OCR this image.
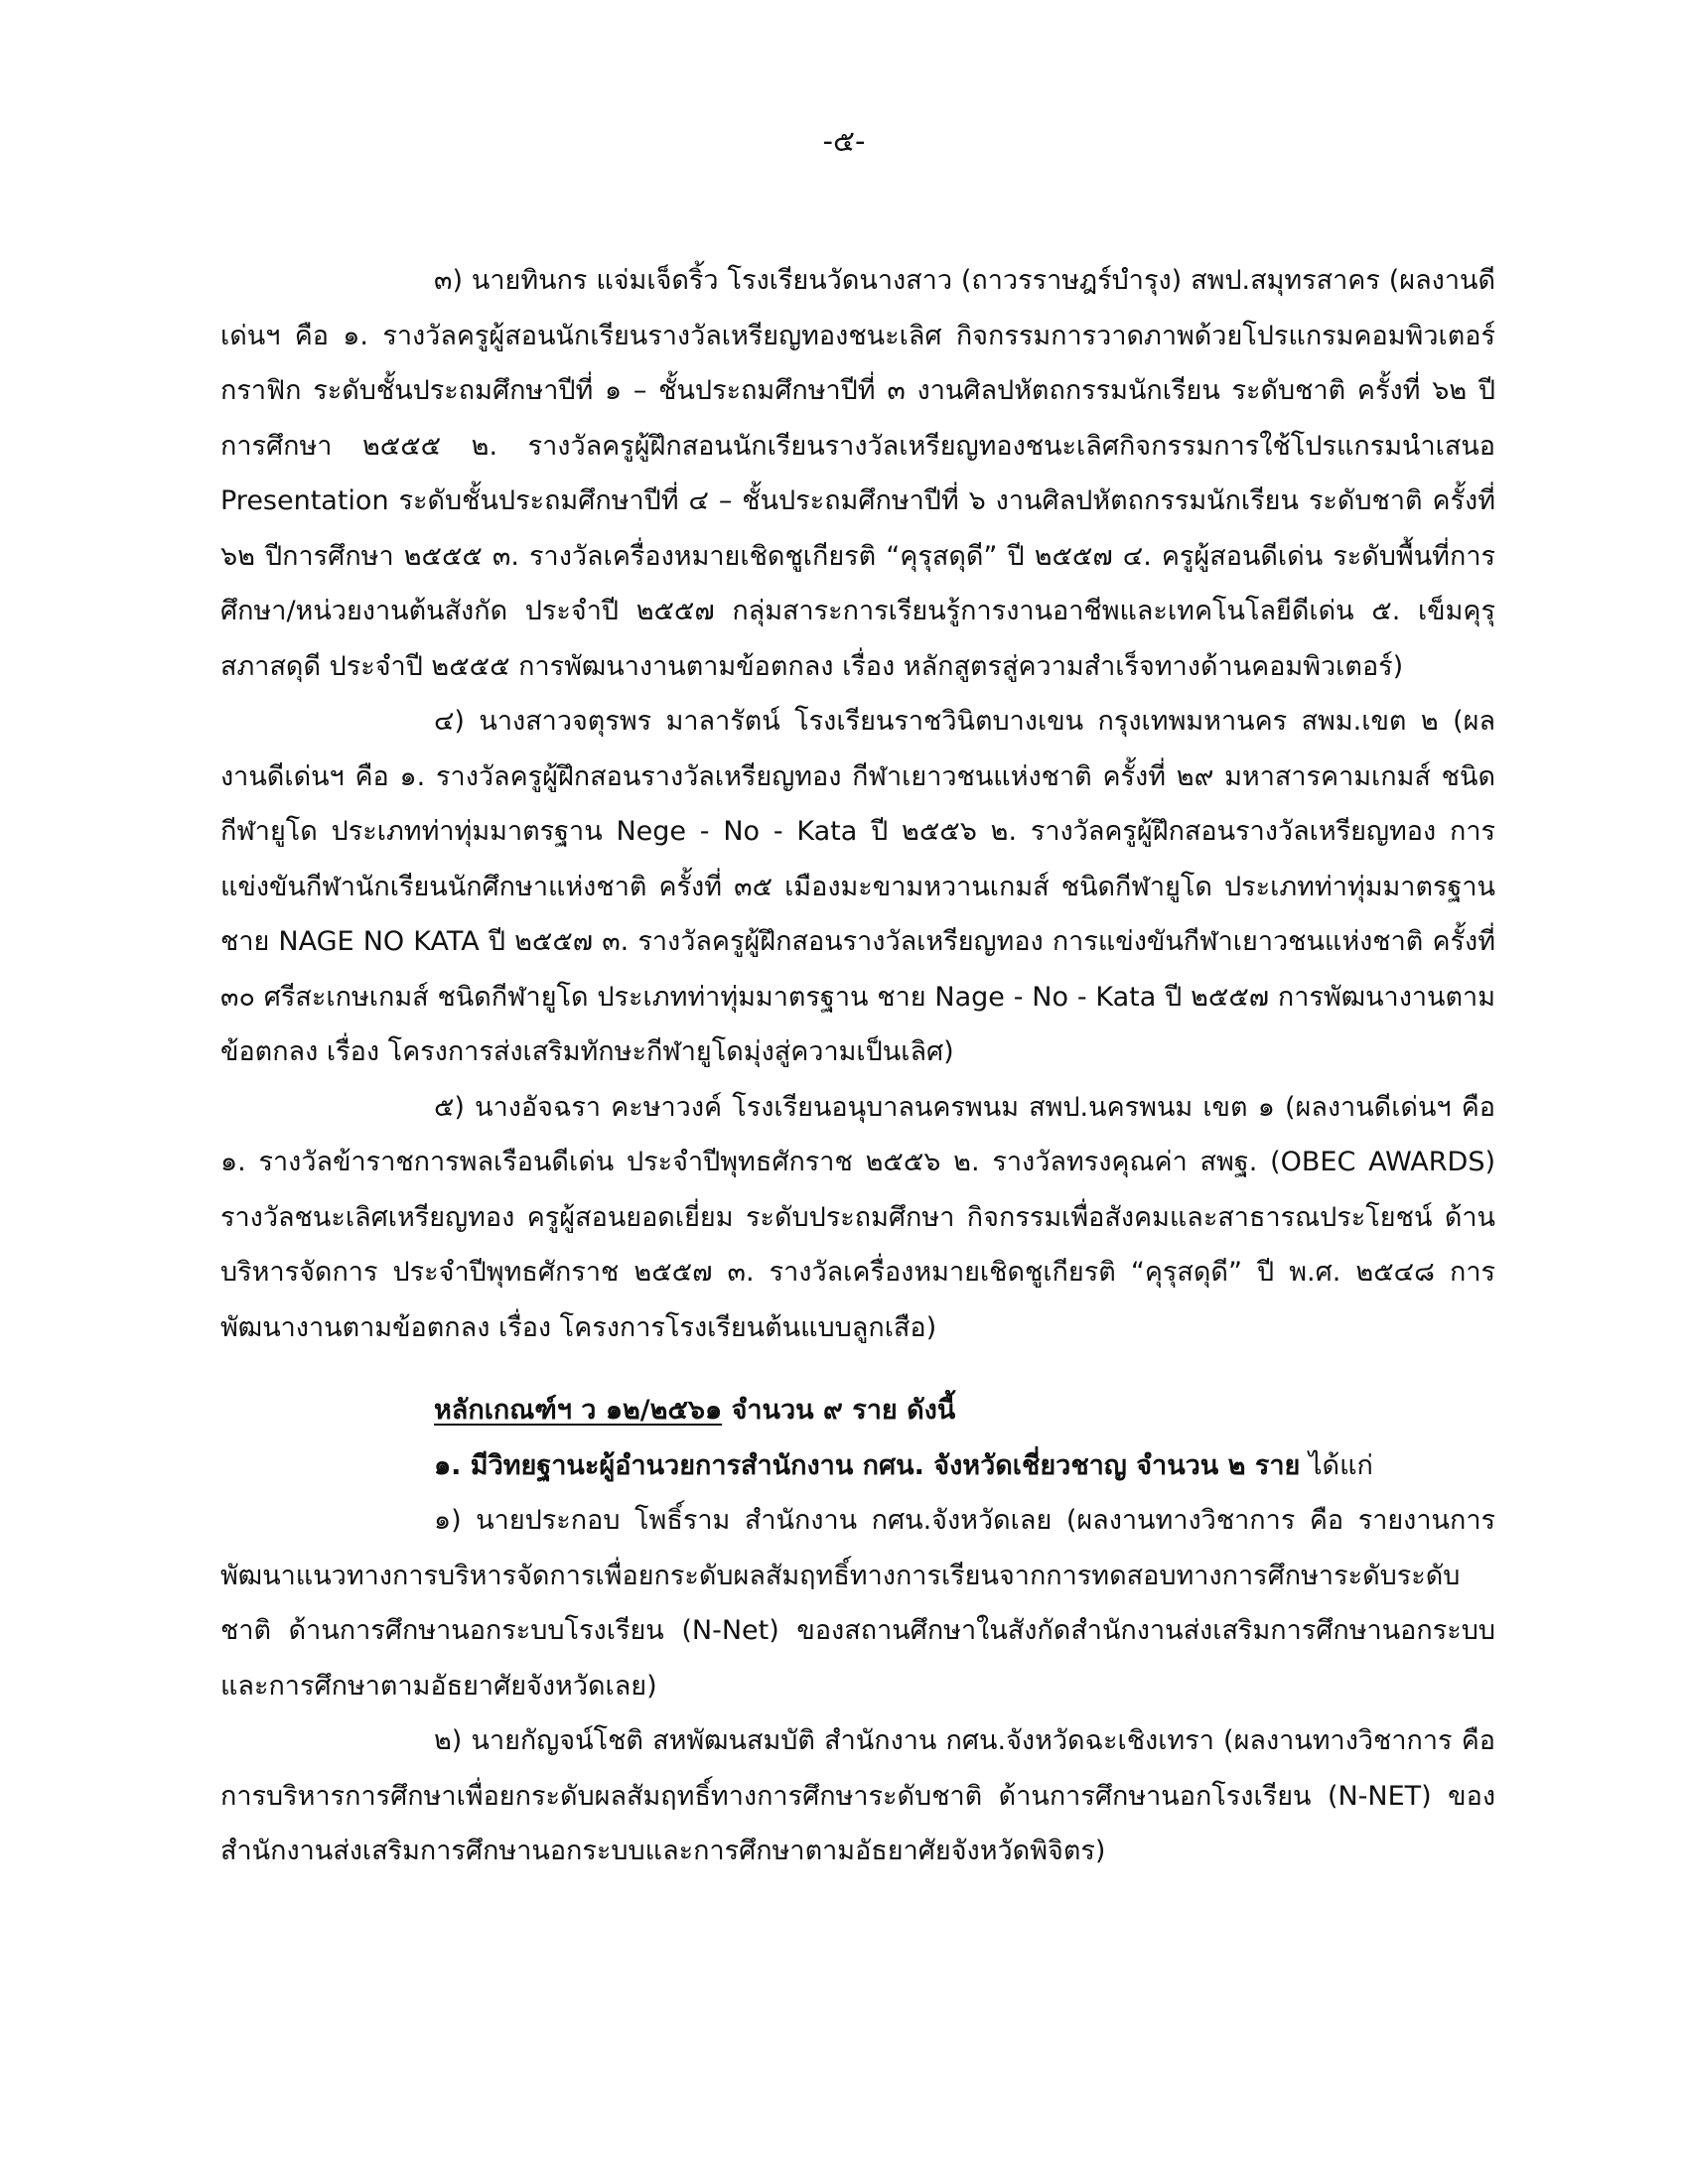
-๕-

๓) นายทินกร แจ่มเจ็ดริ้ว โรงเรียนวัดนางสาว (ถาวรราษฎร์บำรุง) สพป.สมุทรสาคร (ผลงานดีเด่นฯ คือ ๑. รางวัลครูผู้สอนนักเรียนรางวัลเหรียญทองชนะเลิศ กิจกรรมการวาดภาพด้วยโปรแกรมคอมพิวเตอร์กราฟิก ระดับชั้นประถมศึกษาปีที่ ๑ – ชั้นประถมศึกษาปีที่ ๓ งานศิลปหัตถกรรมนักเรียน ระดับชาติ ครั้งที่ ๖๒ ปีการศึกษา ๒๕๕๕ ๒. รางวัลครูผู้ฝึกสอนนักเรียนรางวัลเหรียญทองชนะเลิศกิจกรรมการใช้โปรแกรมนำเสนอ Presentation ระดับชั้นประถมศึกษาปีที่ ๔ – ชั้นประถมศึกษาปีที่ ๖ งานศิลปหัตถกรรมนักเรียน ระดับชาติ ครั้งที่ ๖๒ ปีการศึกษา ๒๕๕๕ ๓. รางวัลเครื่องหมายเชิดชูเกียรติ “คุรุสดุดี” ปี ๒๕๕๗ ๔. ครูผู้สอนดีเด่น ระดับพื้นที่การศึกษา/หน่วยงานต้นสังกัด ประจำปี ๒๕๕๗ กลุ่มสาระการเรียนรู้การงานอาชีพและเทคโนโลยีดีเด่น ๕. เข็มคุรุสภาสดุดี ประจำปี ๒๕๕๕ การพัฒนางานตามข้อตกลง เรื่อง หลักสูตรสู่ความสำเร็จทางด้านคอมพิวเตอร์)

๔) นางสาวจตุรพร มาลารัตน์ โรงเรียนราชวินิตบางเขน กรุงเทพมหานคร สพม.เขต ๒ (ผลงานดีเด่นฯ คือ ๑. รางวัลครูผู้ฝึกสอนรางวัลเหรียญทอง กีฬาเยาวชนแห่งชาติ ครั้งที่ ๒๙ มหาสารคามเกมส์ ชนิดกีฬายูโด ประเภทท่าทุ่มมาตรฐาน Nege - No - Kata ปี ๒๕๕๖ ๒. รางวัลครูผู้ฝึกสอนรางวัลเหรียญทอง การแข่งขันกีฬานักเรียนนักศึกษาแห่งชาติ ครั้งที่ ๓๕ เมืองมะขามหวานเกมส์ ชนิดกีฬายูโด ประเภทท่าทุ่มมาตรฐาน ชาย NAGE NO KATA ปี ๒๕๕๗ ๓. รางวัลครูผู้ฝึกสอนรางวัลเหรียญทอง การแข่งขันกีฬาเยาวชนแห่งชาติ ครั้งที่ ๓๐ ศรีสะเกษเกมส์ ชนิดกีฬายูโด ประเภทท่าทุ่มมาตรฐาน ชาย Nage - No - Kata ปี ๒๕๕๗ การพัฒนางานตามข้อตกลง เรื่อง โครงการส่งเสริมทักษะกีฬายูโดมุ่งสู่ความเป็นเลิศ)

๕) นางอัจฉรา คะษาวงค์ โรงเรียนอนุบาลนครพนม สพป.นครพนม เขต ๑ (ผลงานดีเด่นฯ คือ ๑. รางวัลข้าราชการพลเรือนดีเด่น ประจำปีพุทธศักราช ๒๕๕๖ ๒. รางวัลทรงคุณค่า สพฐ. (OBEC AWARDS) รางวัลชนะเลิศเหรียญทอง ครูผู้สอนยอดเยี่ยม ระดับประถมศึกษา กิจกรรมเพื่อสังคมและสาธารณประโยชน์ ด้านบริหารจัดการ ประจำปีพุทธศักราช ๒๕๕๗ ๓. รางวัลเครื่องหมายเชิดชูเกียรติ “คุรุสดุดี” ปี พ.ศ. ๒๕๔๘ การพัฒนางานตามข้อตกลง เรื่อง โครงการโรงเรียนต้นแบบลูกเสือ)

หลักเกณฑ์ฯ ว ๑๒/๒๕๖๑ จำนวน ๙ ราย ดังนี้
๑. มีวิทยฐานะผู้อำนวยการสำนักงาน กศน. จังหวัดเชี่ยวชาญ จำนวน ๒ ราย ได้แก่

๑) นายประกอบ โพธิ์ราม สำนักงาน กศน.จังหวัดเลย (ผลงานทางวิชาการ คือ รายงานการพัฒนาแนวทางการบริหารจัดการเพื่อยกระดับผลสัมฤทธิ์ทางการเรียนจากการทดสอบทางการศึกษาระดับระดับชาติ ด้านการศึกษานอกระบบโรงเรียน (N-Net) ของสถานศึกษาในสังกัดสำนักงานส่งเสริมการศึกษานอกระบบและการศึกษาตามอัธยาศัยจังหวัดเลย)

๒) นายกัญจน์โชติ สหพัฒนสมบัติ สำนักงาน กศน.จังหวัดฉะเชิงเทรา (ผลงานทางวิชาการ คือ การบริหารการศึกษาเพื่อยกระดับผลสัมฤทธิ์ทางการศึกษาระดับชาติ ด้านการศึกษานอกโรงเรียน (N-NET) ของสำนักงานส่งเสริมการศึกษานอกระบบและการศึกษาตามอัธยาศัยจังหวัดพิจิตร)
